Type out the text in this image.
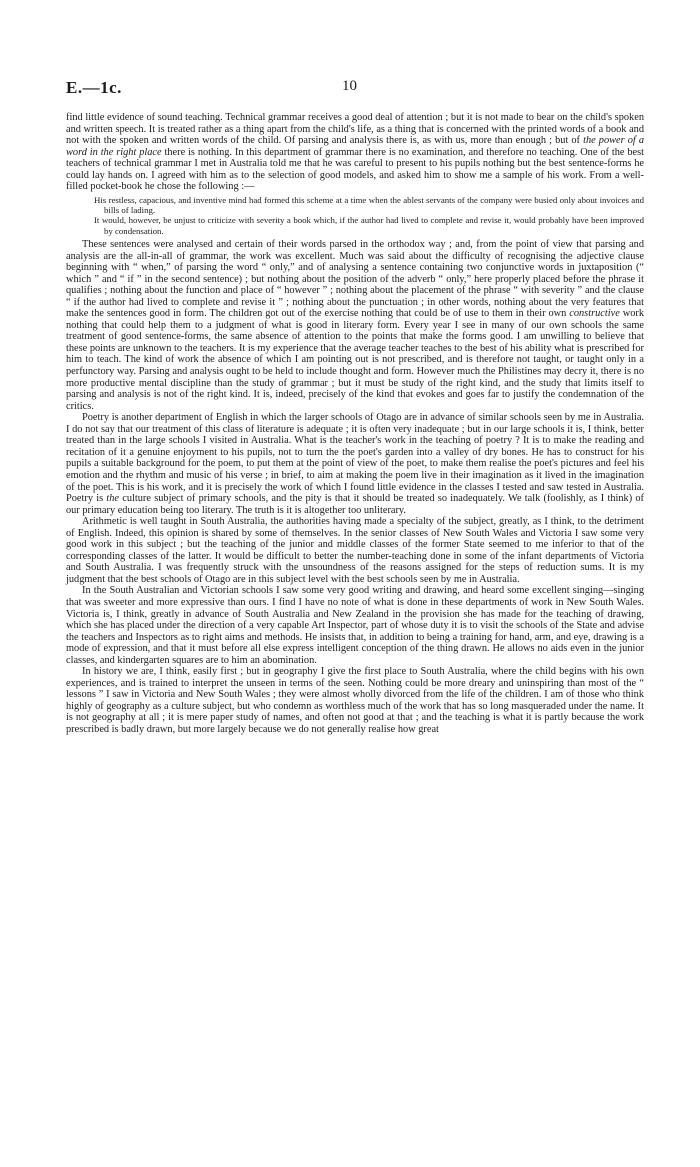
E.—1c.	10

find little evidence of sound teaching. Technical grammar receives a good deal of attention ; but it is not made to bear on the child's spoken and written speech. It is treated rather as a thing apart from the child's life, as a thing that is concerned with the printed words of a book and not with the spoken and written words of the child. Of parsing and analysis there is, as with us, more than enough ; but of the power of a word in the right place there is nothing. In this department of grammar there is no examination, and therefore no teaching. One of the best teachers of technical grammar I met in Australia told me that he was careful to present to his pupils nothing but the best sentence-forms he could lay hands on. I agreed with him as to the selection of good models, and asked him to show me a sample of his work. From a well-filled pocket-book he chose the following :—

His restless, capacious, and inventive mind had formed this scheme at a time when the ablest servants of the company were busied only about invoices and bills of lading.

It would, however, be unjust to criticize with severity a book which, if the author had lived to complete and revise it, would probably have been improved by condensation.

These sentences were analysed and certain of their words parsed in the orthodox way ; and, from the point of view that parsing and analysis are the all-in-all of grammar, the work was excellent. Much was said about the difficulty of recognising the adjective clause beginning with “ when,” of parsing the word “ only,” and of analysing a sentence containing two conjunctive words in juxtaposition (“ which ” and “ if ” in the second sentence) ; but nothing about the position of the adverb “ only,” here properly placed before the phrase it qualifies ; nothing about the function and place of “ however ” ; nothing about the placement of the phrase “ with severity ” and the clause “ if the author had lived to complete and revise it ” ; nothing about the punctuation ; in other words, nothing about the very features that make the sentences good in form. The children got out of the exercise nothing that could be of use to them in their own constructive work nothing that could help them to a judgment of what is good in literary form. Every year I see in many of our own schools the same treatment of good sentence-forms, the same absence of attention to the points that make the forms good. I am unwilling to believe that these points are unknown to the teachers. It is my experience that the average teacher teaches to the best of his ability what is prescribed for him to teach. The kind of work the absence of which I am pointing out is not prescribed, and is therefore not taught, or taught only in a perfunctory way. Parsing and analysis ought to be held to include thought and form. However much the Philistines may decry it, there is no more productive mental discipline than the study of grammar ; but it must be study of the right kind, and the study that limits itself to parsing and analysis is not of the right kind. It is, indeed, precisely of the kind that evokes and goes far to justify the condemnation of the critics.

Poetry is another department of English in which the larger schools of Otago are in advance of similar schools seen by me in Australia. I do not say that our treatment of this class of literature is adequate ; it is often very inadequate ; but in our large schools it is, I think, better treated than in the large schools I visited in Australia. What is the teacher's work in the teaching of poetry ? It is to make the reading and recitation of it a genuine enjoyment to his pupils, not to turn the the poet's garden into a valley of dry bones. He has to construct for his pupils a suitable background for the poem, to put them at the point of view of the poet, to make them realise the poet's pictures and feel his emotion and the rhythm and music of his verse ; in brief, to aim at making the poem live in their imagination as it lived in the imagination of the poet. This is his work, and it is precisely the work of which I found little evidence in the classes I tested and saw tested in Australia. Poetry is the culture subject of primary schools, and the pity is that it should be treated so inadequately. We talk (foolishly, as I think) of our primary education being too literary. The truth is it is altogether too unliterary.

Arithmetic is well taught in South Australia, the authorities having made a specialty of the subject, greatly, as I think, to the detriment of English. Indeed, this opinion is shared by some of themselves. In the senior classes of New South Wales and Victoria I saw some very good work in this subject ; but the teaching of the junior and middle classes of the former State seemed to me inferior to that of the corresponding classes of the latter. It would be difficult to better the number-teaching done in some of the infant departments of Victoria and South Australia. I was frequently struck with the unsoundness of the reasons assigned for the steps of reduction sums. It is my judgment that the best schools of Otago are in this subject level with the best schools seen by me in Australia.

In the South Australian and Victorian schools I saw some very good writing and drawing, and heard some excellent singing—singing that was sweeter and more expressive than ours. I find I have no note of what is done in these departments of work in New South Wales. Victoria is, I think, greatly in advance of South Australia and New Zealand in the provision she has made for the teaching of drawing, which she has placed under the direction of a very capable Art Inspector, part of whose duty it is to visit the schools of the State and advise the teachers and Inspectors as to right aims and methods. He insists that, in addition to being a training for hand, arm, and eye, drawing is a mode of expression, and that it must before all else express intelligent conception of the thing drawn. He allows no aids even in the junior classes, and kindergarten squares are to him an abomination.

In history we are, I think, easily first ; but in geography I give the first place to South Australia, where the child begins with his own experiences, and is trained to interpret the unseen in terms of the seen. Nothing could be more dreary and uninspiring than most of the “ lessons ” I saw in Victoria and New South Wales ; they were almost wholly divorced from the life of the children. I am of those who think highly of geography as a culture subject, but who condemn as worthless much of the work that has so long masqueraded under the name. It is not geography at all ; it is mere paper study of names, and often not good at that ; and the teaching is what it is partly because the work prescribed is badly drawn, but more largely because we do not generally realise how great
